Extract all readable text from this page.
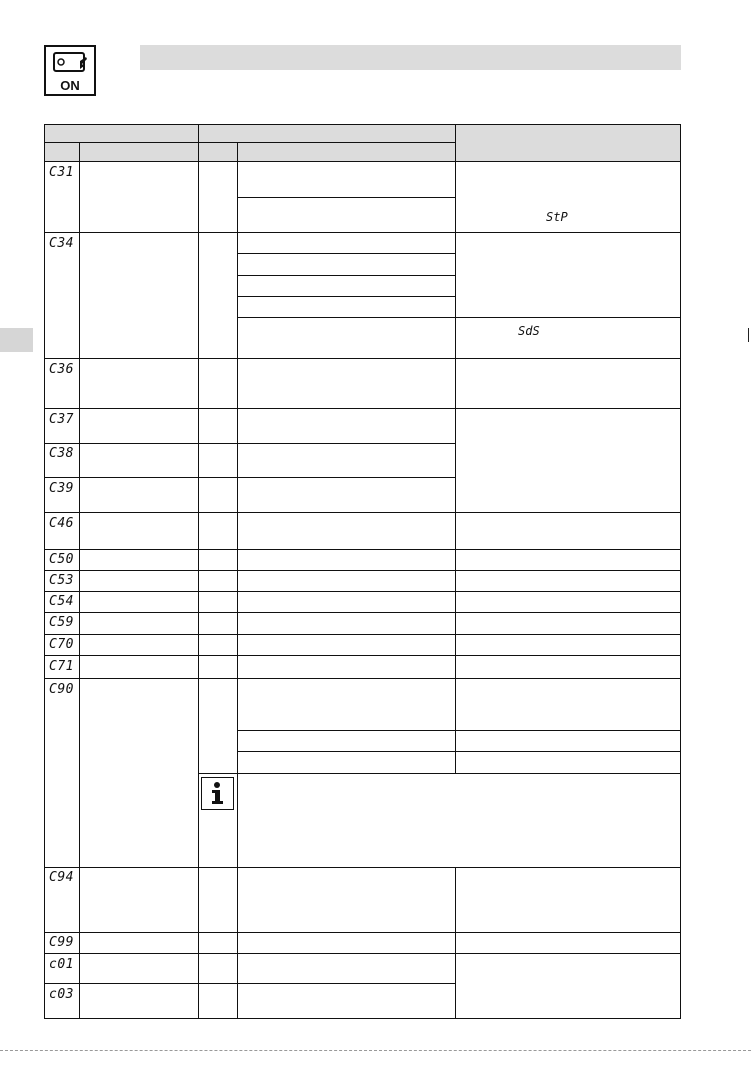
ON
C31
C34
C36
C37
C38
C39
C46
C50
C53
C54
C59
C70
C71
C90
C94
C99
c01
c03
StP
SdS
